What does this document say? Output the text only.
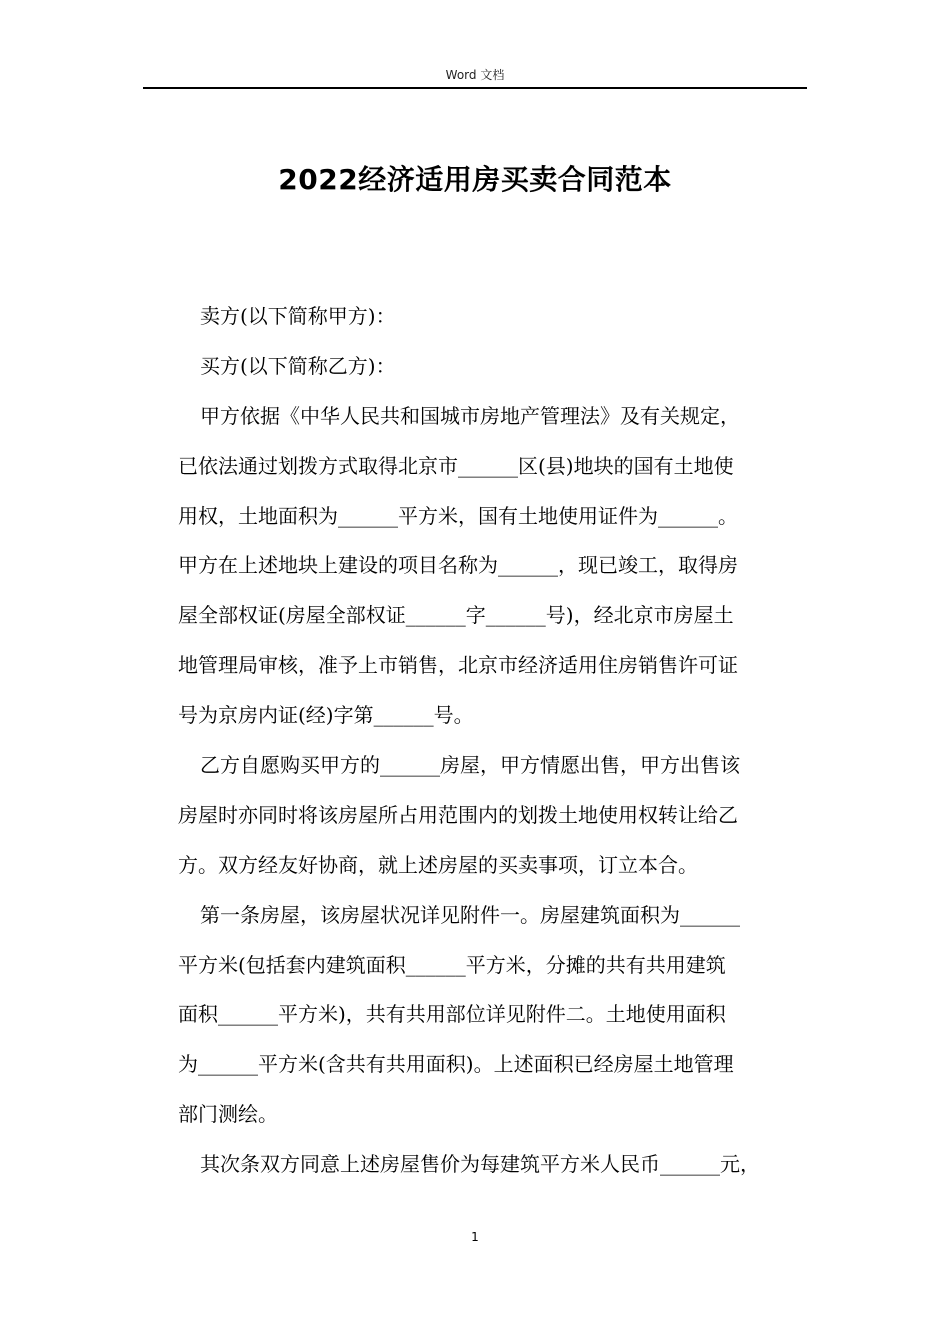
Word 文档
2022经济适用房买卖合同范本
卖方(以下简称甲方)：
买方(以下简称乙方)：
甲方依据《中华人民共和国城市房地产管理法》及有关规定，
已依法通过划拨方式取得北京市______区(县)地块的国有土地使
用权，土地面积为______平方米，国有土地使用证件为______。
甲方在上述地块上建设的项目名称为______，现已竣工，取得房
屋全部权证(房屋全部权证______字______号)，经北京市房屋土
地管理局审核，准予上市销售，北京市经济适用住房销售许可证
号为京房内证(经)字第______号。
乙方自愿购买甲方的______房屋，甲方情愿出售，甲方出售该
房屋时亦同时将该房屋所占用范围内的划拨土地使用权转让给乙
方。双方经友好协商，就上述房屋的买卖事项，订立本合。
第一条房屋，该房屋状况详见附件一。房屋建筑面积为______
平方米(包括套内建筑面积______平方米，分摊的共有共用建筑
面积______平方米)，共有共用部位详见附件二。土地使用面积
为______平方米(含共有共用面积)。上述面积已经房屋土地管理
部门测绘。
其次条双方同意上述房屋售价为每建筑平方米人民币______元，
1
